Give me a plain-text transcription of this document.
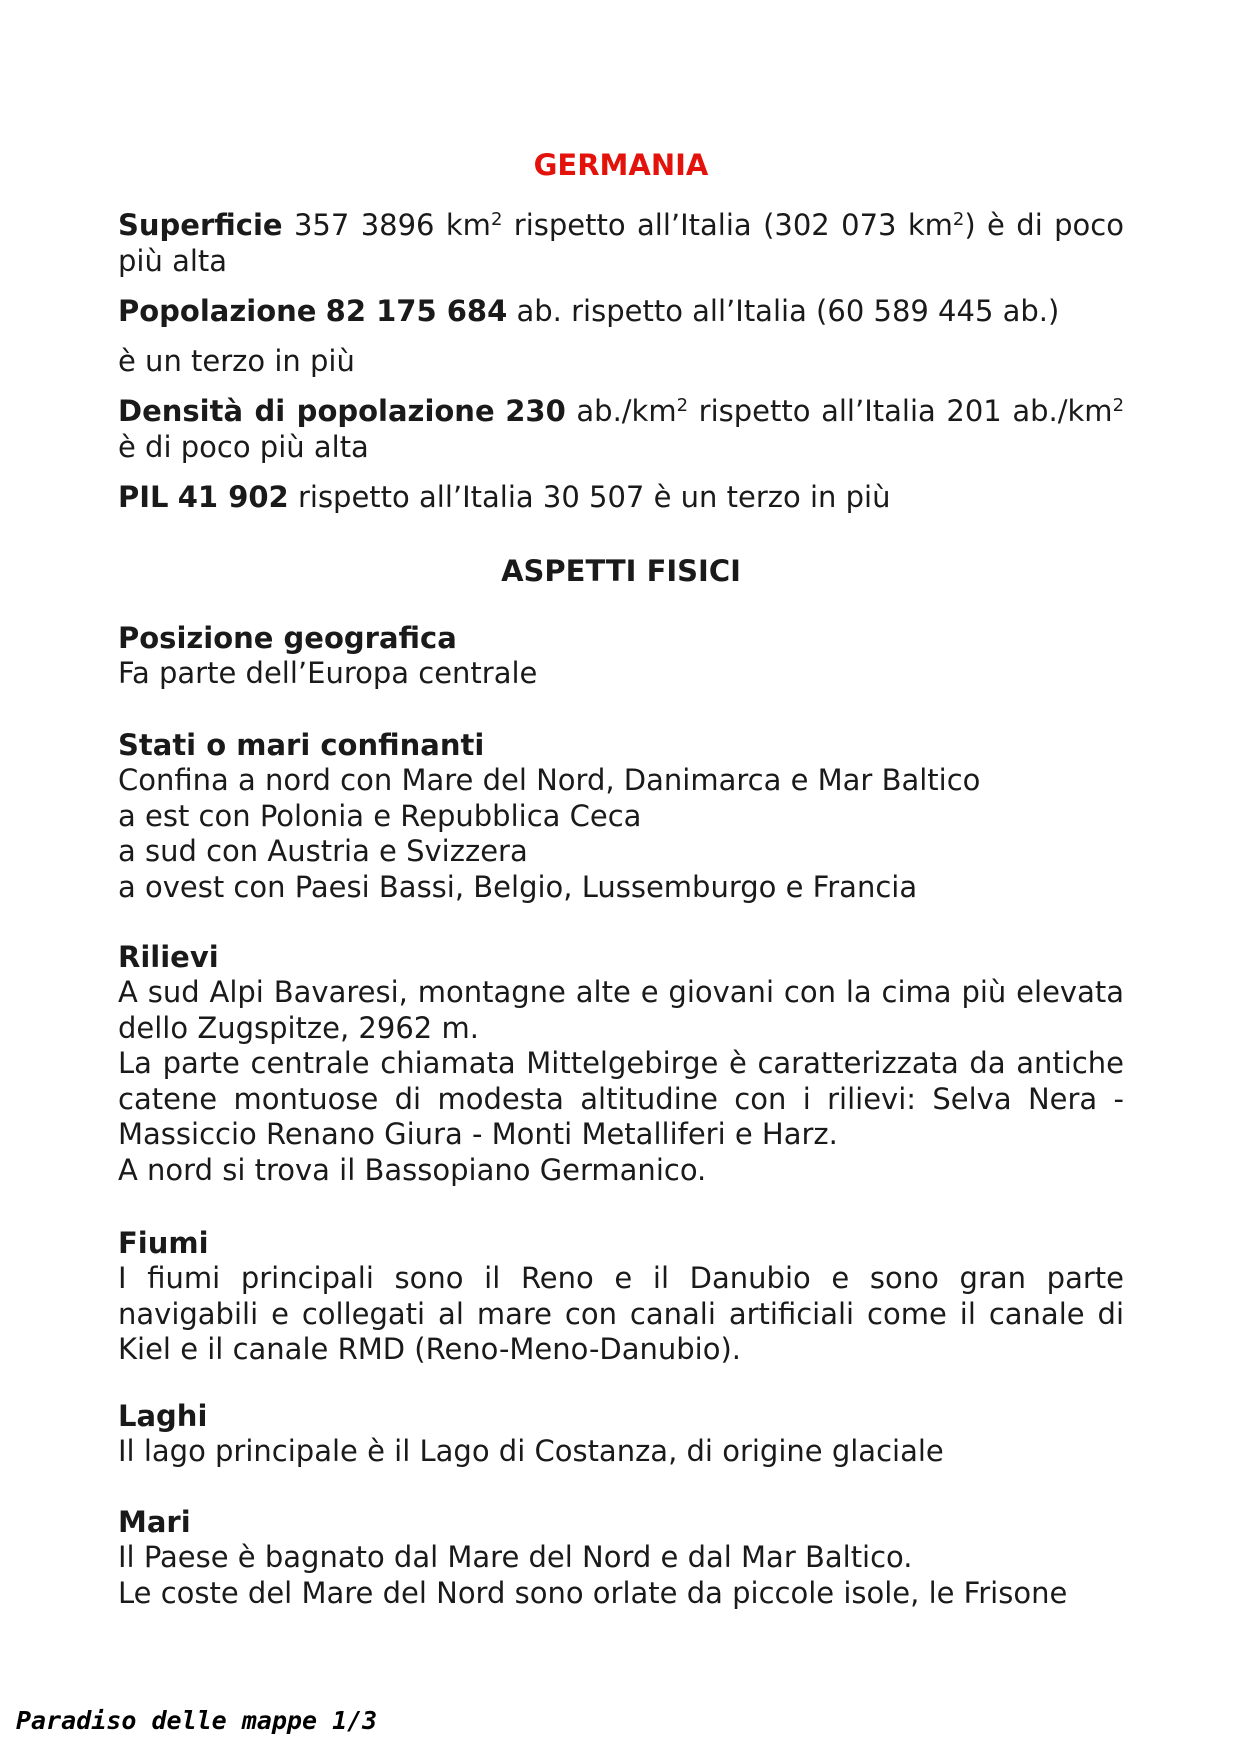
GERMANIA
Superficie 357 3896 $km^2$ rispetto all’Italia (302 073 $km^2$) è di poco più alta
Popolazione 82 175 684 ab. rispetto all’Italia (60 589 445 ab.)
è un terzo in più
Densità di popolazione 230 $ab./km^2$ rispetto all’Italia 201 $ab./km^2$ è di poco più alta
PIL 41 902 rispetto all’Italia 30 507 è un terzo in più
ASPETTI FISICI
Posizione geografica
Fa parte dell’Europa centrale
Stati o mari confinanti
Confina a nord con Mare del Nord, Danimarca e Mar Baltico
a est con Polonia e Repubblica Ceca
a sud con Austria e Svizzera
a ovest con Paesi Bassi, Belgio, Lussemburgo e Francia
Rilievi
A sud Alpi Bavaresi, montagne alte e giovani con la cima più elevata dello Zugspitze, 2962 m.
La parte centrale chiamata Mittelgebirge è caratterizzata da antiche catene montuose di modesta altitudine con i rilievi: Selva Nera - Massiccio Renano Giura - Monti Metalliferi e Harz.
A nord si trova il Bassopiano Germanico.
Fiumi
I fiumi principali sono il Reno e il Danubio e sono gran parte navigabili e collegati al mare con canali artificiali come il canale di Kiel e il canale RMD (Reno-Meno-Danubio).
Laghi
Il lago principale è il Lago di Costanza, di origine glaciale
Mari
Il Paese è bagnato dal Mare del Nord e dal Mar Baltico.
Le coste del Mare del Nord sono orlate da piccole isole, le Frisone
Paradiso delle mappe 1/3
